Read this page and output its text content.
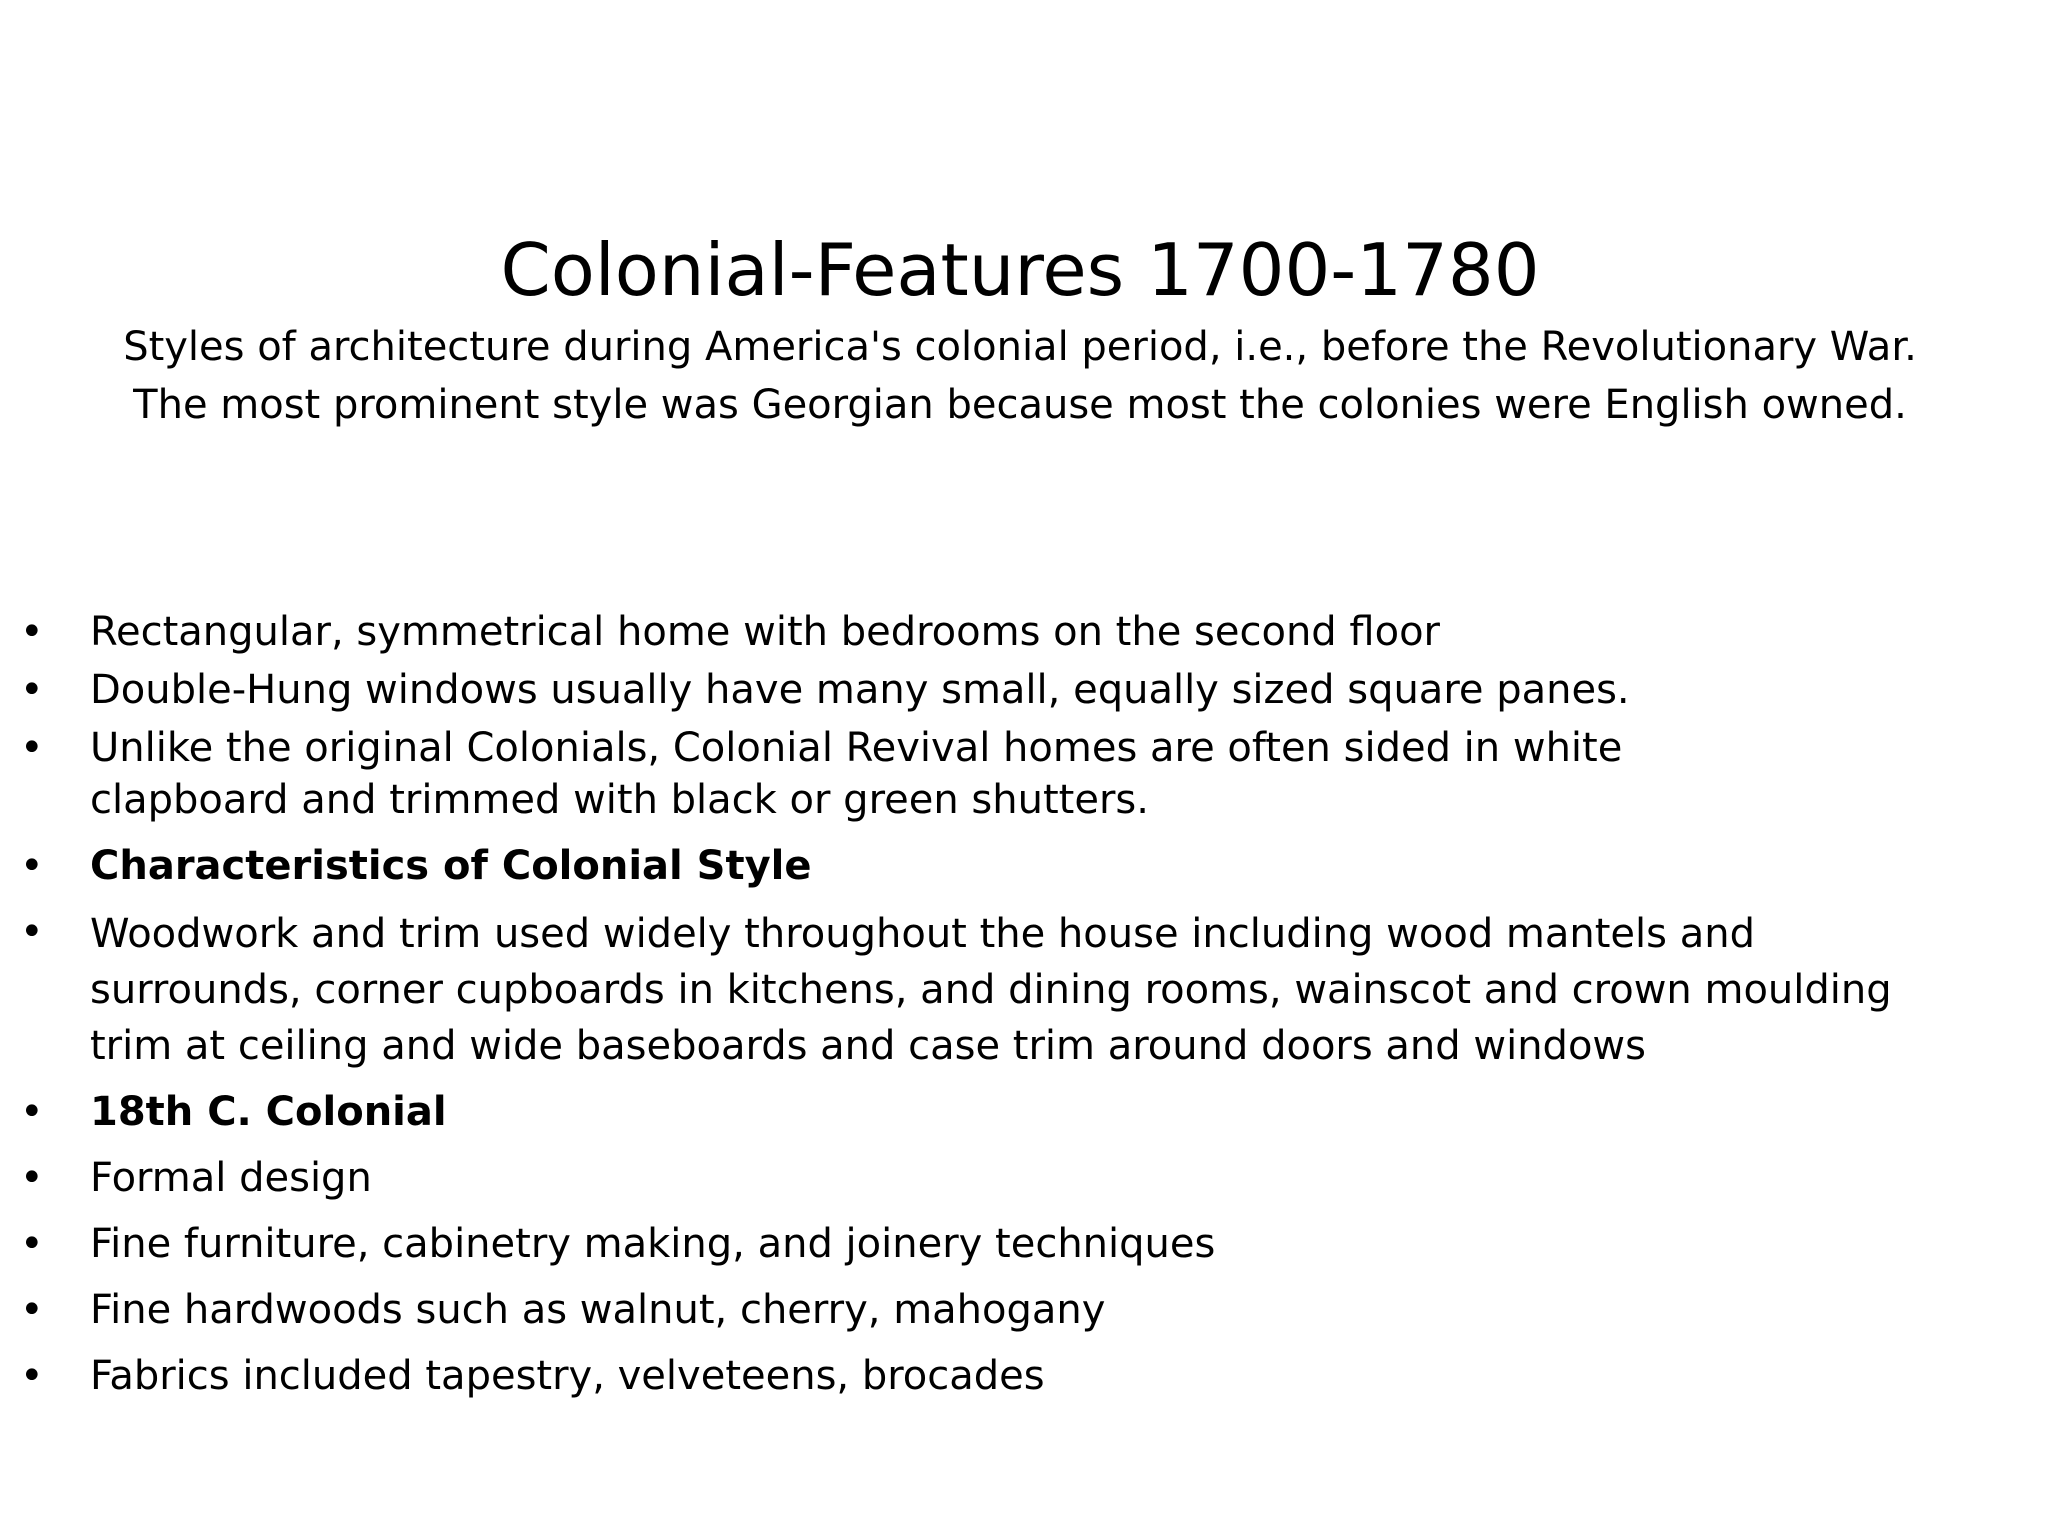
Colonial-Features 1700-1780

Styles of architecture during America's colonial period, i.e., before the Revolutionary War.

The most prominent style was Georgian because most the colonies were English owned.

•	Rectangular, symmetrical home with bedrooms on the second floor
•	Double-Hung windows usually have many small, equally sized square panes.
•	Unlike the original Colonials, Colonial Revival homes are often sided in white clapboard and trimmed with black or green shutters.
•	Characteristics of Colonial Style
•	Woodwork and trim used widely throughout the house including wood mantels and surrounds, corner cupboards in kitchens, and dining rooms, wainscot and crown moulding trim at ceiling and wide baseboards and case trim around doors and windows
•	18th C. Colonial
•	Formal design
•	Fine furniture, cabinetry making, and joinery techniques
•	Fine hardwoods such as walnut, cherry, mahogany
•	Fabrics included tapestry, velveteens, brocades
